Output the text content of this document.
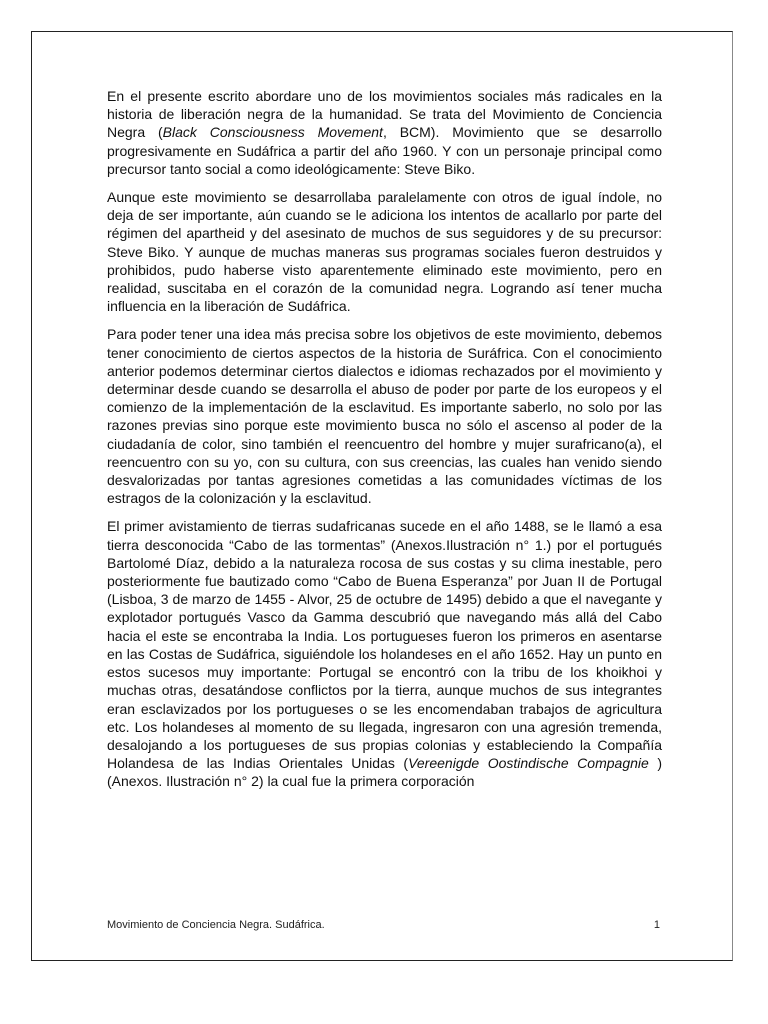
En el presente escrito abordare uno de los movimientos sociales más radicales en la historia de liberación negra de la humanidad. Se trata del Movimiento de Conciencia Negra (Black Consciousness Movement, BCM). Movimiento que se desarrollo progresivamente en Sudáfrica a partir del año 1960. Y con un personaje principal como precursor tanto social a como ideológicamente: Steve Biko.

Aunque este movimiento se desarrollaba paralelamente con otros de igual índole, no deja de ser importante, aún cuando se le adiciona los intentos de acallarlo por parte del régimen del apartheid y del asesinato de muchos de sus seguidores y de su precursor: Steve Biko. Y aunque de muchas maneras sus programas sociales fueron destruidos y prohibidos, pudo haberse visto aparentemente eliminado este movimiento, pero en realidad, suscitaba en el corazón de la comunidad negra. Logrando así tener mucha influencia en la liberación de Sudáfrica.

Para poder tener una idea más precisa sobre los objetivos de este movimiento, debemos tener conocimiento de ciertos aspectos de la historia de Suráfrica. Con el conocimiento anterior podemos determinar ciertos dialectos e idiomas rechazados por el movimiento y determinar desde cuando se desarrolla el abuso de poder por parte de los europeos y el comienzo de la implementación de la esclavitud. Es importante saberlo, no solo por las razones previas sino porque este movimiento busca no sólo el ascenso al poder de la ciudadanía de color, sino también el reencuentro del hombre y mujer surafricano(a), el reencuentro con su yo, con su cultura, con sus creencias, las cuales han venido siendo desvalorizadas por tantas agresiones cometidas a las comunidades víctimas de los estragos de la colonización y la esclavitud.

El primer avistamiento de tierras sudafricanas sucede en el año 1488, se le llamó a esa tierra desconocida “Cabo de las tormentas” (Anexos.Ilustración n° 1.) por el portugués Bartolomé Díaz, debido a la naturaleza rocosa de sus costas y su clima inestable, pero posteriormente fue bautizado como “Cabo de Buena Esperanza” por Juan II de Portugal (Lisboa, 3 de marzo de 1455 - Alvor, 25 de octubre de 1495) debido a que el navegante y explotador portugués Vasco da Gamma descubrió que navegando más allá del Cabo hacia el este se encontraba la India. Los portugueses fueron los primeros en asentarse en las Costas de Sudáfrica, siguiéndole los holandeses en el año 1652. Hay un punto en estos sucesos muy importante: Portugal se encontró con la tribu de los khoikhoi y muchas otras, desatándose conflictos por la tierra, aunque muchos de sus integrantes eran esclavizados por los portugueses o se les encomendaban trabajos de agricultura etc. Los holandeses al momento de su llegada, ingresaron con una agresión tremenda, desalojando a los portugueses de sus propias colonias y estableciendo la Compañía Holandesa de las Indias Orientales Unidas (Vereenigde Oostindische Compagnie ) (Anexos. Ilustración n° 2) la cual fue la primera corporación

Movimiento de Conciencia Negra. Sudáfrica.	1
